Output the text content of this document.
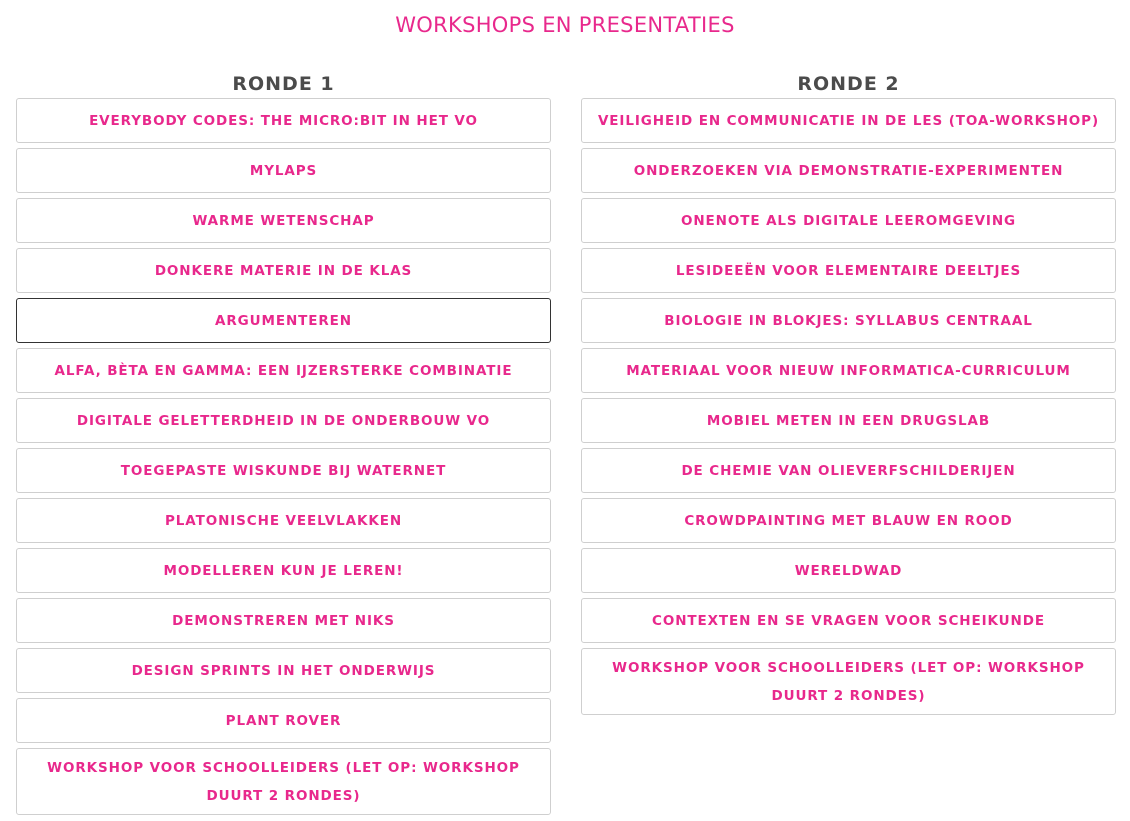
WORKSHOPS EN PRESENTATIES
RONDE 1
EVERYBODY CODES: THE MICRO:BIT IN HET VO
MYLAPS
WARME WETENSCHAP
DONKERE MATERIE IN DE KLAS
ARGUMENTEREN
ALFA, BÈTA EN GAMMA: EEN IJZERSTERKE COMBINATIE
DIGITALE GELETTERDHEID IN DE ONDERBOUW VO
TOEGEPASTE WISKUNDE BIJ WATERNET
PLATONISCHE VEELVLAKKEN
MODELLEREN KUN JE LEREN!
DEMONSTREREN MET NIKS
DESIGN SPRINTS IN HET ONDERWIJS
PLANT ROVER
WORKSHOP VOOR SCHOOLLEIDERS (LET OP: WORKSHOP DUURT 2 RONDES)
RONDE 2
VEILIGHEID EN COMMUNICATIE IN DE LES (TOA-WORKSHOP)
ONDERZOEKEN VIA DEMONSTRATIE-EXPERIMENTEN
ONENOTE ALS DIGITALE LEEROMGEVING
LESIDEEËN VOOR ELEMENTAIRE DEELTJES
BIOLOGIE IN BLOKJES: SYLLABUS CENTRAAL
MATERIAAL VOOR NIEUW INFORMATICA-CURRICULUM
MOBIEL METEN IN EEN DRUGSLAB
DE CHEMIE VAN OLIEVERFSCHILDERIJEN
CROWDPAINTING MET BLAUW EN ROOD
WERELDWAD
CONTEXTEN EN SE VRAGEN VOOR SCHEIKUNDE
WORKSHOP VOOR SCHOOLLEIDERS (LET OP: WORKSHOP DUURT 2 RONDES)
